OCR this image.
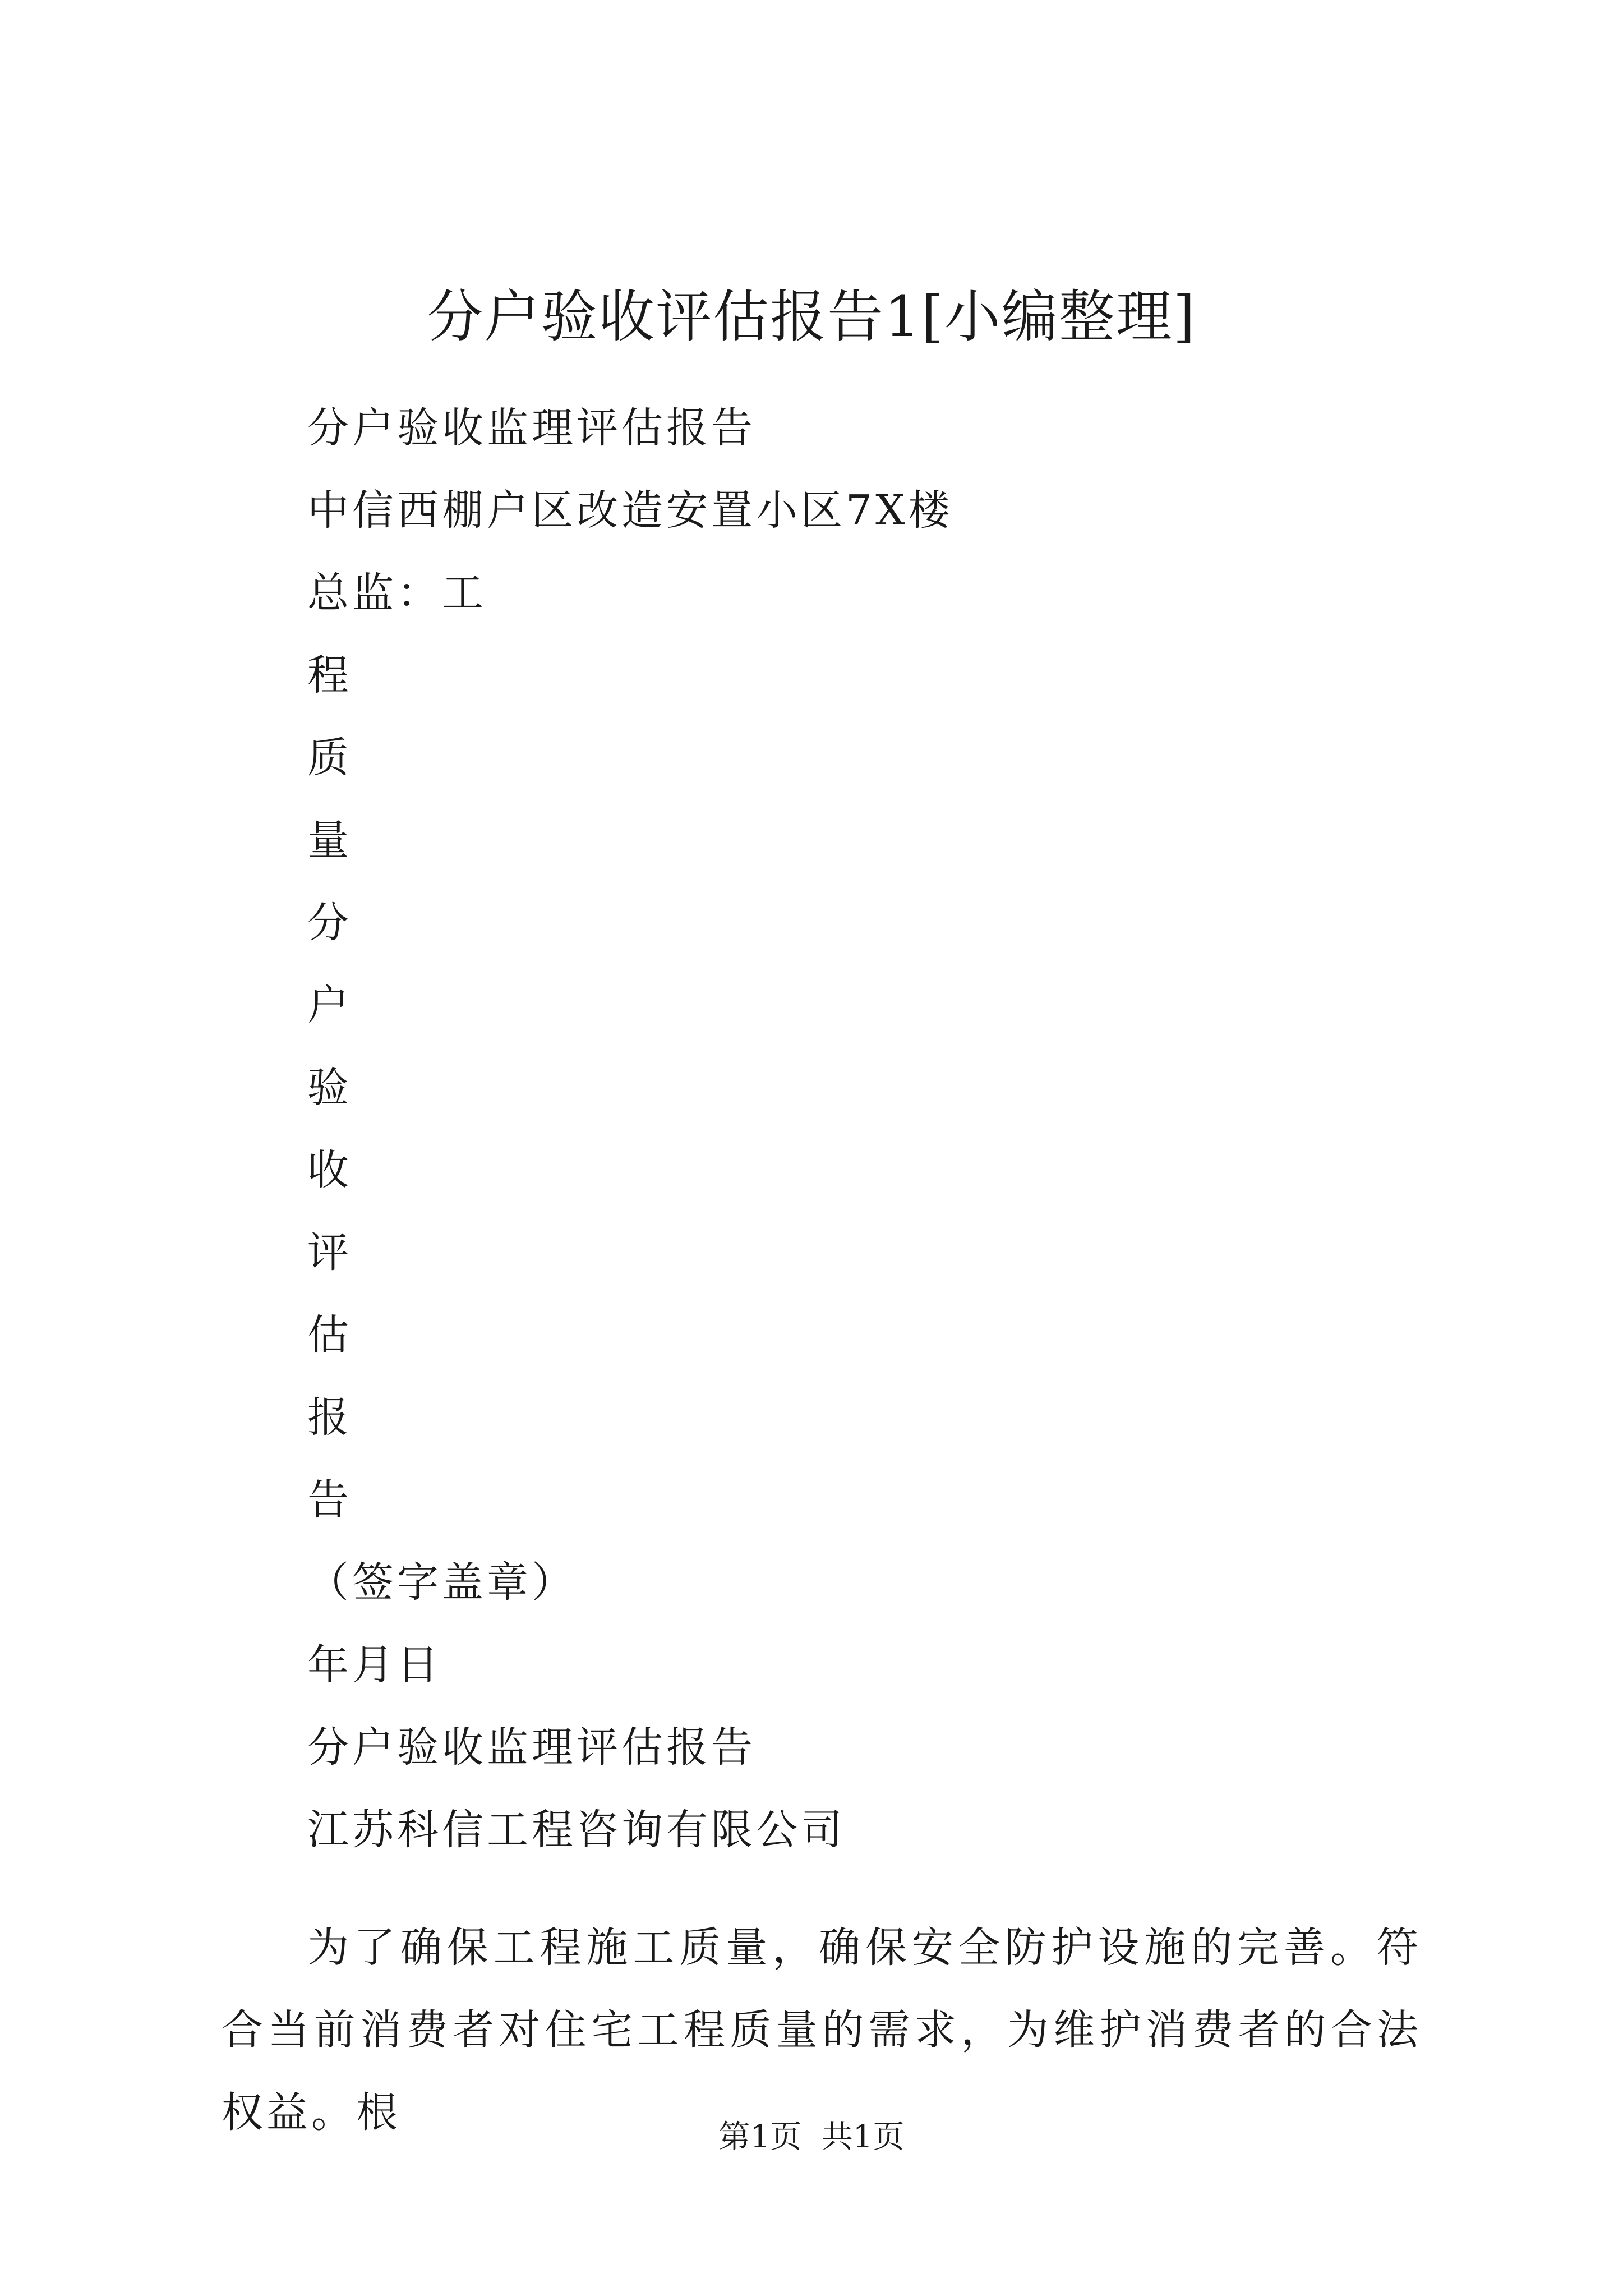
分户验收评估报告1[小编整理]
分户验收监理评估报告
中信西棚户区改造安置小区7X楼
总监：工
程
质
量
分
户
验
收
评
估
报
告
（签字盖章）
年月日
分户验收监理评估报告
江苏科信工程咨询有限公司

为了确保工程施工质量，确保安全防护设施的完善。符合当前消费者对住宅工程质量的需求，为维护消费者的合法权益。根

第1页 共1页
